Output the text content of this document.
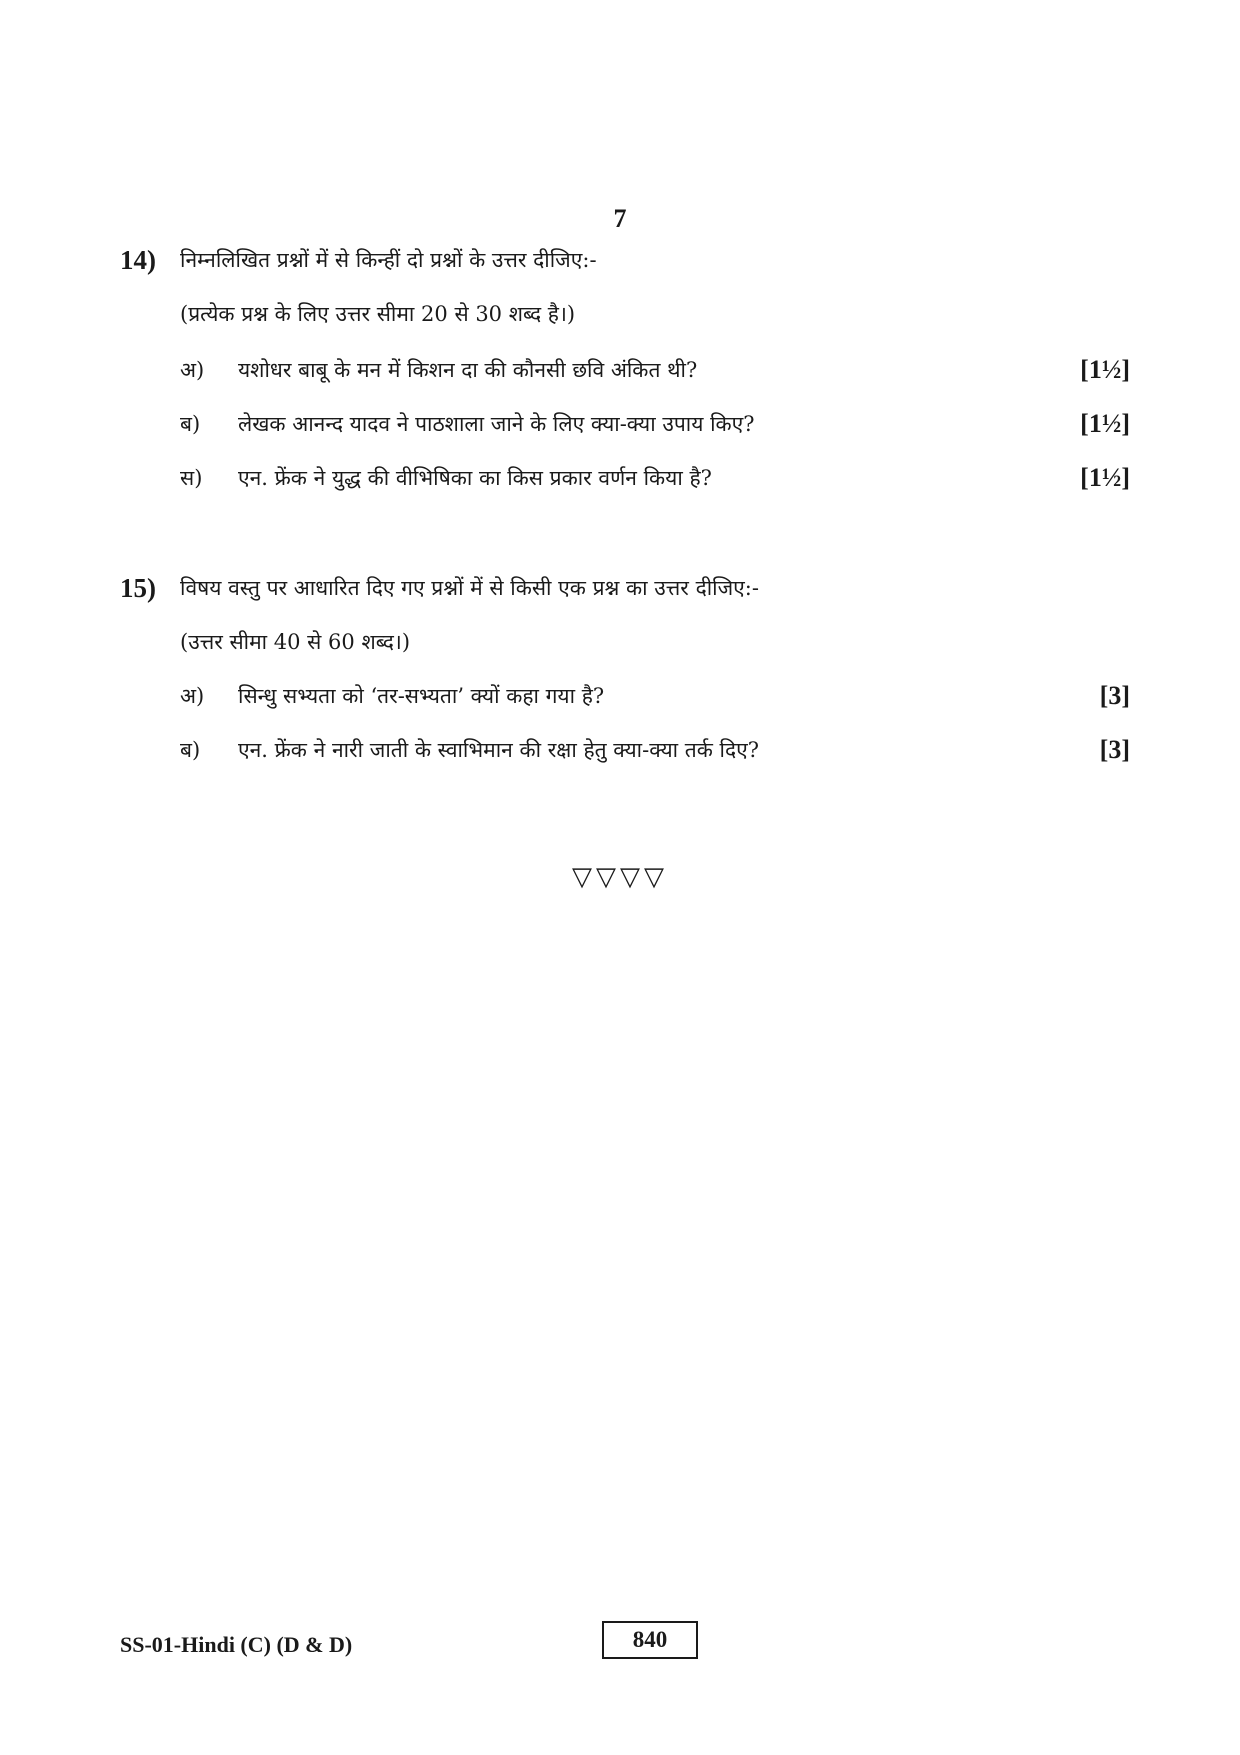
7
14) निम्नलिखित प्रश्नों में से किन्हीं दो प्रश्नों के उत्तर दीजिए:-
(प्रत्येक प्रश्न के लिए उत्तर सीमा 20 से 30 शब्द है।)
अ) यशोधर बाबू के मन में किशन दा की कौनसी छवि अंकित थी?	[1½]
ब) लेखक आनन्द यादव ने पाठशाला जाने के लिए क्या-क्या उपाय किए?	[1½]
स) एन. फ्रेंक ने युद्ध की वीभिषिका का किस प्रकार वर्णन किया है?	[1½]
15) विषय वस्तु पर आधारित दिए गए प्रश्नों में से किसी एक प्रश्न का उत्तर दीजिए:-
(उत्तर सीमा 40 से 60 शब्द।)
अ) सिन्धु सभ्यता को ‘तर-सभ्यता’ क्यों कहा गया है?	[3]
ब) एन. फ्रेंक ने नारी जाती के स्वाभिमान की रक्षा हेतु क्या-क्या तर्क दिए?	[3]
▽▽▽▽
SS-01-Hindi (C) (D & D)	840
